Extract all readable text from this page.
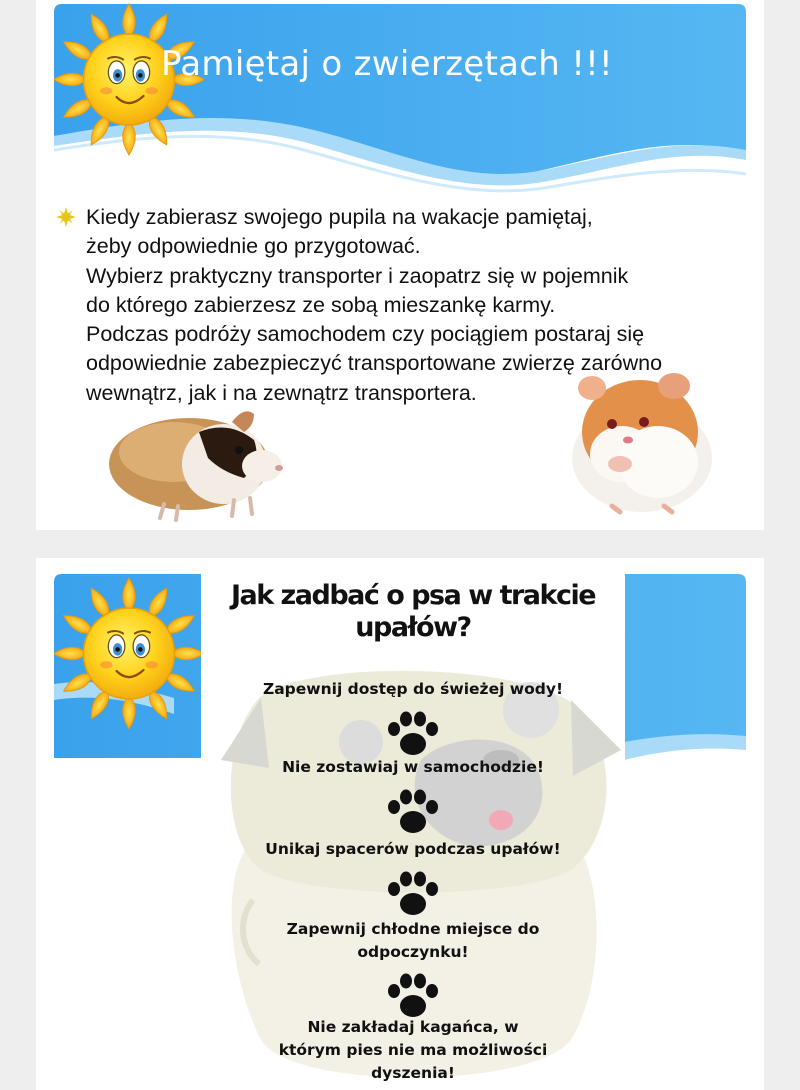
Pamiętaj o zwierzętach !!!
Kiedy zabierasz swojego pupila na wakacje pamiętaj,
żeby odpowiednie go przygotować.
Wybierz praktyczny transporter i zaopatrz się w pojemnik
do którego zabierzesz ze sobą mieszankę karmy.
Podczas podróży samochodem czy pociągiem postaraj się
odpowiednie zabezpieczyć transportowane zwierzę zarówno
wewnątrz, jak i na zewnątrz transportera.
Jak zadbać o psa w trakcie
upałów?

Zapewnij dostęp do świeżej wody!

Nie zostawiaj w samochodzie!

Unikaj spacerów podczas upałów!

Zapewnij chłodne miejsce do
odpoczynku!
Nie zakładaj kagańca, w
którym pies nie ma możliwości
dyszenia!
